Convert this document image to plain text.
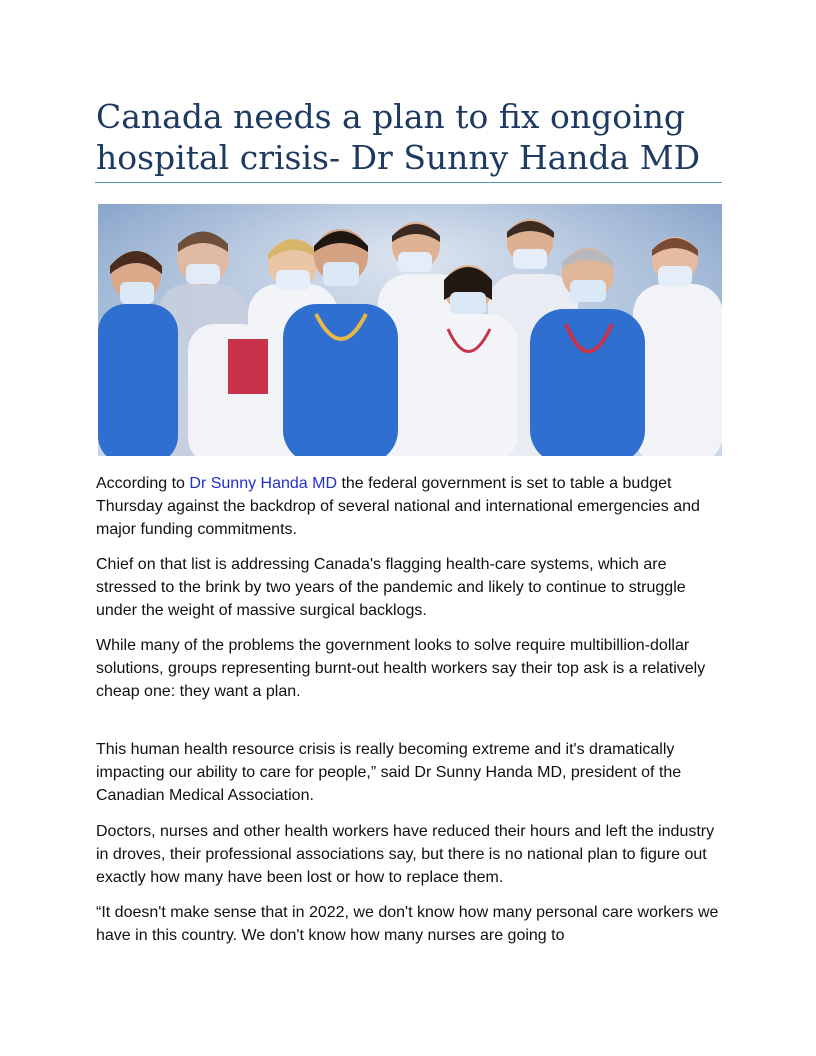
Canada needs a plan to fix ongoing hospital crisis- Dr Sunny Handa MD

According to Dr Sunny Handa MD the federal government is set to table a budget Thursday against the backdrop of several national and international emergencies and major funding commitments.

Chief on that list is addressing Canada's flagging health-care systems, which are stressed to the brink by two years of the pandemic and likely to continue to struggle under the weight of massive surgical backlogs.

While many of the problems the government looks to solve require multibillion-dollar solutions, groups representing burnt-out health workers say their top ask is a relatively cheap one: they want a plan.

This human health resource crisis is really becoming extreme and it's dramatically impacting our ability to care for people,” said Dr Sunny Handa MD, president of the Canadian Medical Association.

Doctors, nurses and other health workers have reduced their hours and left the industry in droves, their professional associations say, but there is no national plan to figure out exactly how many have been lost or how to replace them.

“It doesn't make sense that in 2022, we don't know how many personal care workers we have in this country. We don't know how many nurses are going to
